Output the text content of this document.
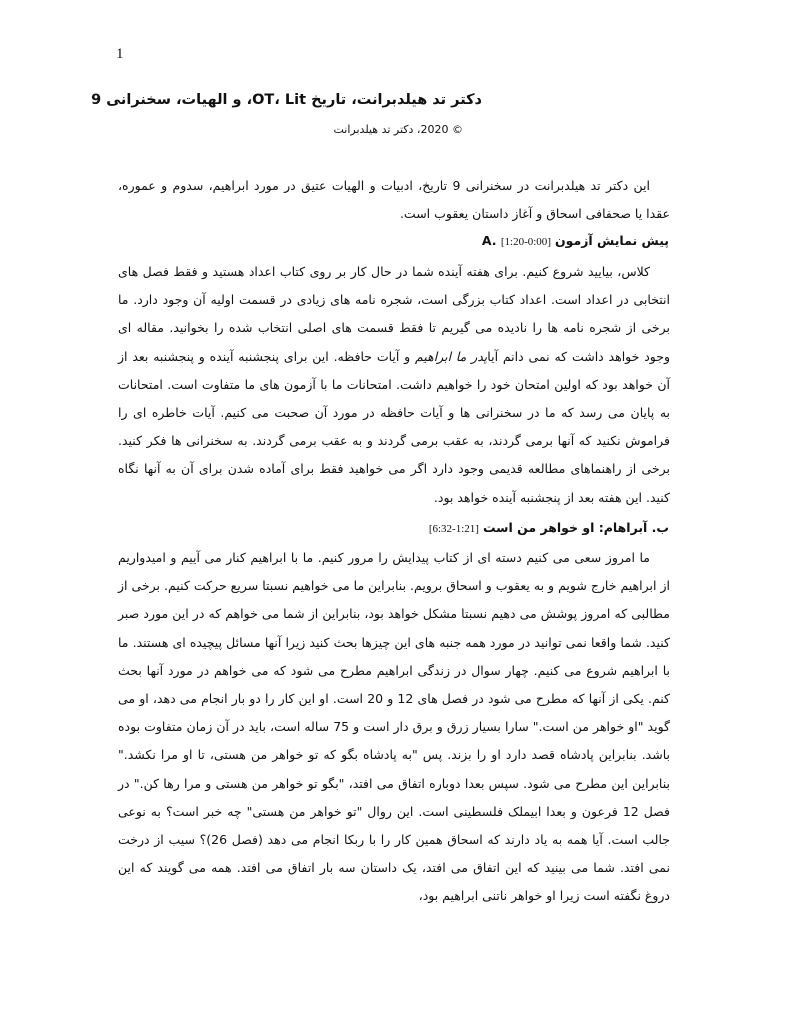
1
دکتر تد هیلدبرانت، تاریخ OT، Lit، و الهیات، سخنرانی 9
© 2020، دکتر تد هیلدبرانت

این دکتر تد هیلدبرانت در سخنرانی 9 تاریخ، ادبیات و الهیات عتیق در مورد ابراهیم، سدوم و عموره، عقدا یا صحفافی اسحاق و آغاز داستان یعقوب است.

A. پیش نمایش آزمون [0:00-1:20]

کلاس، بیایید شروع کنیم. برای هفته آینده شما در حال کار بر روی کتاب اعداد هستید و فقط فصل های انتخابی در اعداد است. اعداد کتاب بزرگی است، شجره نامه های زیادی در قسمت اولیه آن وجود دارد. ما برخی از شجره نامه ها را نادیده می گیریم تا فقط قسمت های اصلی انتخاب شده را بخوانید. مقاله ای وجود خواهد داشت که نمی دانم آیاپدر ما ابراهیم و آیات حافظه. این برای پنجشنبه آینده و پنجشنبه بعد از آن خواهد بود که اولین امتحان خود را خواهیم داشت. امتحانات ما با آزمون های ما متفاوت است. امتحانات به پایان می رسد که ما در سخنرانی ها و آیات حافظه در مورد آن صحبت می کنیم. آیات خاطره ای را فراموش نکنید که آنها برمی گردند، به عقب برمی گردند و به عقب برمی گردند. به سخنرانی ها فکر کنید. برخی از راهنماهای مطالعه قدیمی وجود دارد اگر می خواهید فقط برای آماده شدن برای آن به آنها نگاه کنید. این هفته بعد از پنجشنبه آینده خواهد بود.

ب. آبراهام: او خواهر من است [1:21-6:32]

ما امروز سعی می کنیم دسته ای از کتاب پیدایش را مرور کنیم. ما با ابراهیم کنار می آییم و امیدواریم از ابراهیم خارج شویم و به یعقوب و اسحاق برویم. بنابراین ما می خواهیم نسبتا سریع حرکت کنیم. برخی از مطالبی که امروز پوشش می دهیم نسبتا مشکل خواهد بود، بنابراین از شما می خواهم که در این مورد صبر کنید. شما واقعا نمی توانید در مورد همه جنبه های این چیزها بحث کنید زیرا آنها مسائل پیچیده ای هستند. ما با ابراهیم شروع می کنیم. چهار سوال در زندگی ابراهیم مطرح می شود که می خواهم در مورد آنها بحث کنم. یکی از آنها که مطرح می شود در فصل های 12 و 20 است. او این کار را دو بار انجام می دهد، او می گوید "او خواهر من است." سارا بسیار زرق و برق دار است و 75 ساله است، باید در آن زمان متفاوت بوده باشد. بنابراین پادشاه قصد دارد او را بزند. پس "به پادشاه بگو که تو خواهر من هستی، تا او مرا نکشد." بنابراین این مطرح می شود. سپس بعدا دوباره اتفاق می افتد، "بگو تو خواهر من هستی و مرا رها کن." در فصل 12 فرعون و بعدا ابیملک فلسطینی است. این روال "تو خواهر من هستی" چه خبر است؟ به نوعی جالب است. آیا همه به یاد دارند که اسحاق همین کار را با ربکا انجام می دهد (فصل 26)؟ سیب از درخت نمی افتد. شما می بینید که این اتفاق می افتد، یک داستان سه بار اتفاق می افتد. همه می گویند که این دروغ نگفته است زیرا او خواهر ناتنی ابراهیم بود،
